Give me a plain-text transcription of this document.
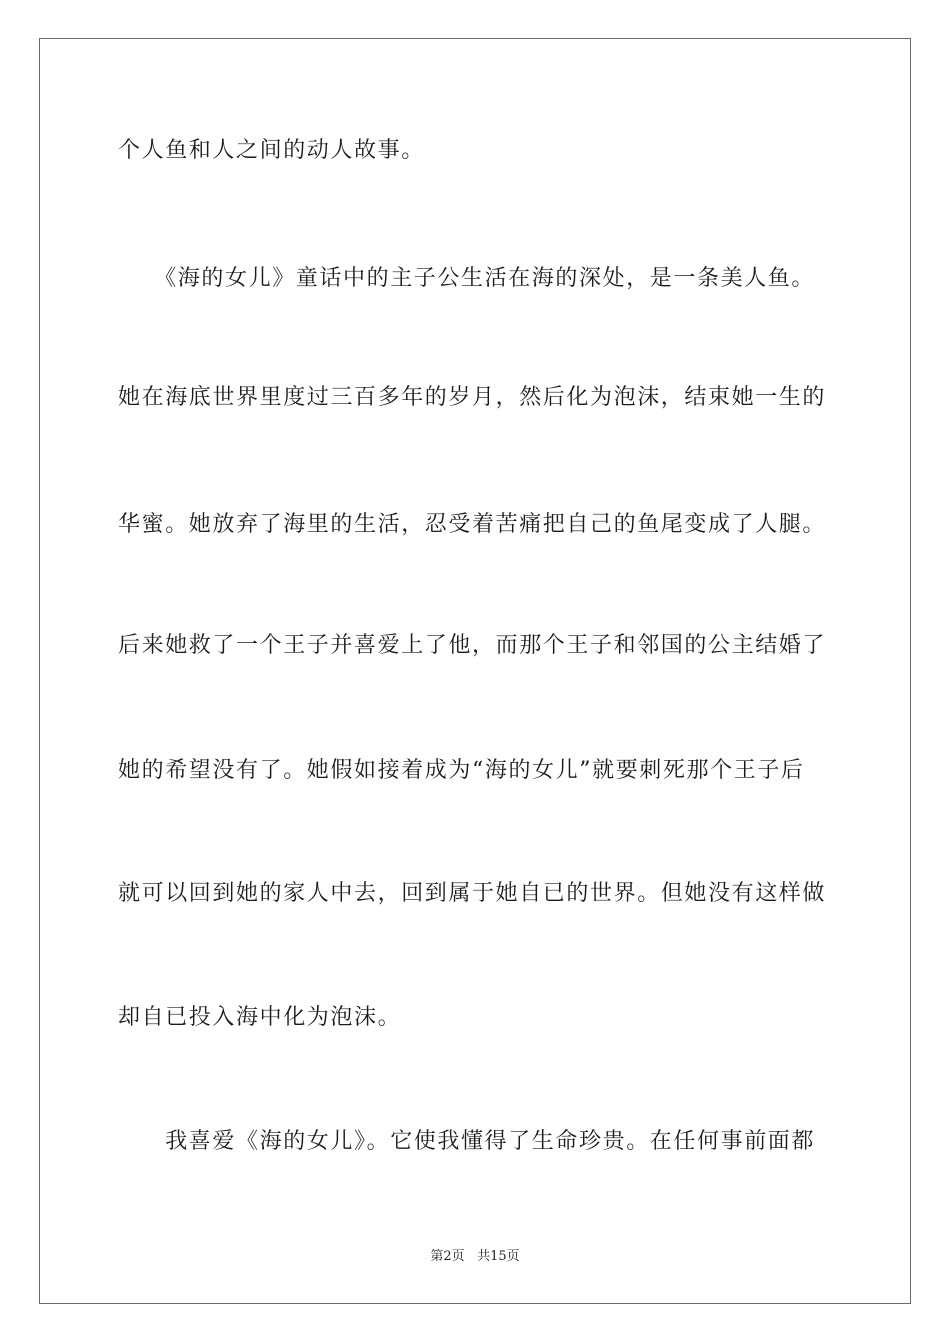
个人鱼和人之间的动人故事。
　　《海的女儿》童话中的主子公生活在海的深处，是一条美人鱼。
她在海底世界里度过三百多年的岁月，然后化为泡沫，结束她一生的
华蜜。她放弃了海里的生活，忍受着苦痛把自己的鱼尾变成了人腿。
后来她救了一个王子并喜爱上了他，而那个王子和邻国的公主结婚了
她的希望没有了。她假如接着成为“海的女儿”就要刺死那个王子后
就可以回到她的家人中去，回到属于她自已的世界。但她没有这样做
却自已投入海中化为泡沫。
　　我喜爱《海的女儿》。它使我懂得了生命珍贵。在任何事前面都
第2页 共15页
